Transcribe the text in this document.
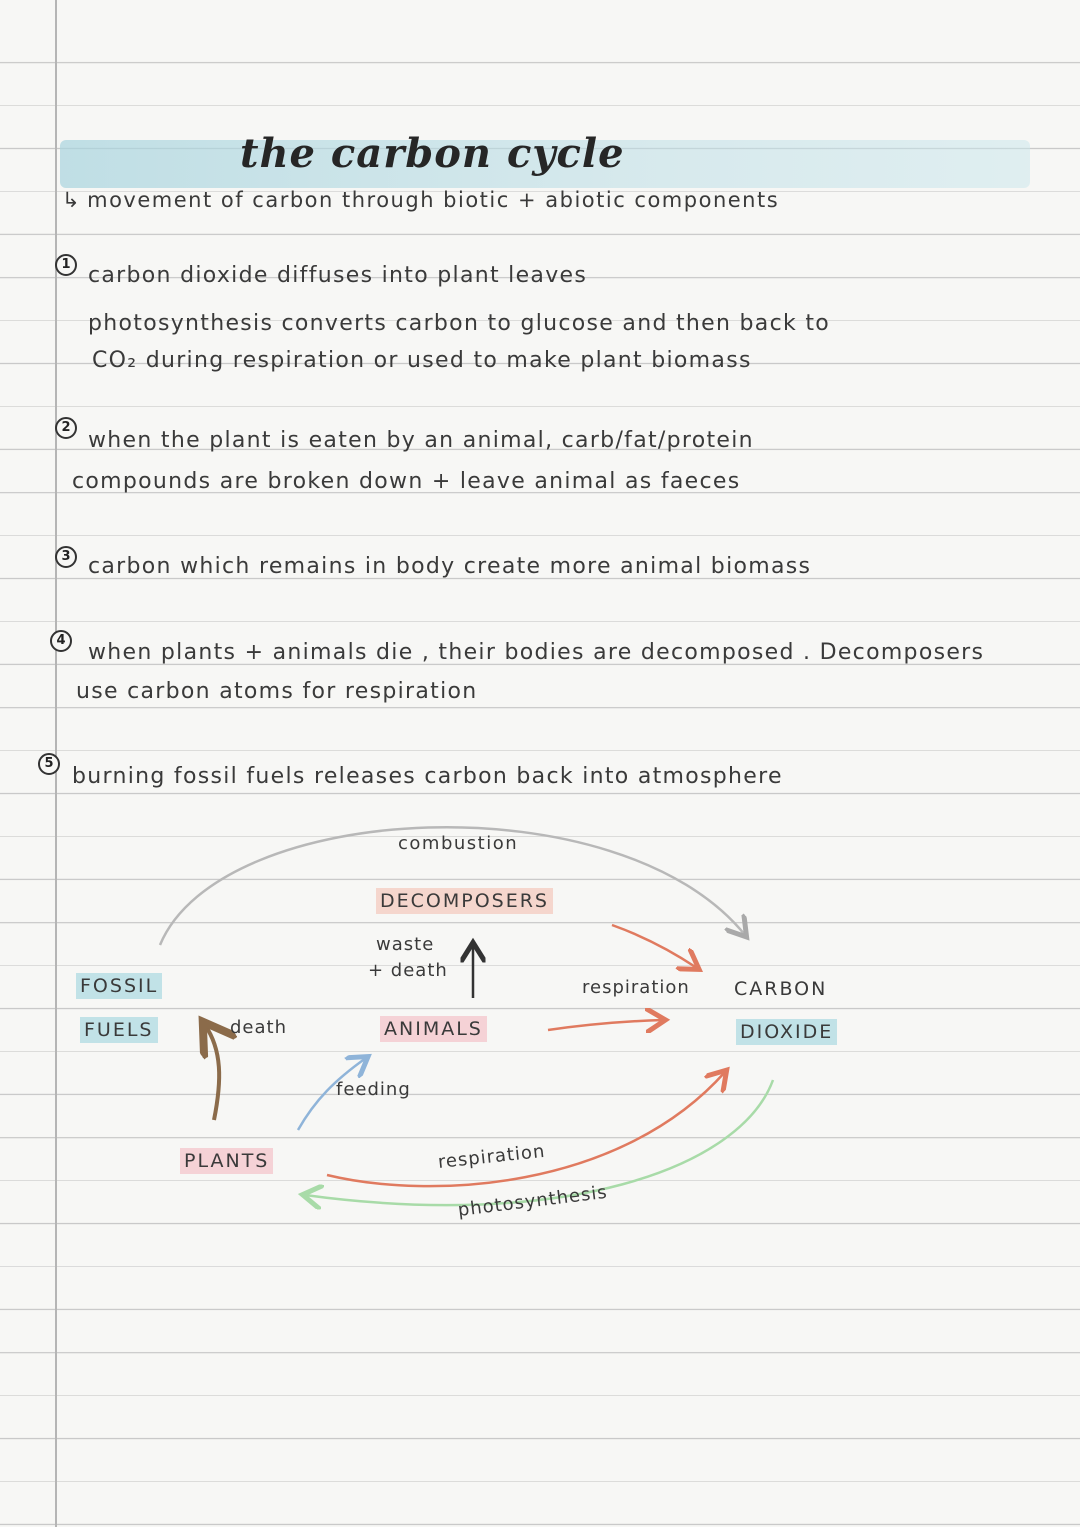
the carbon cycle
↳ movement of carbon through biotic + abiotic components
1 carbon dioxide diffuses into plant leaves
photosynthesis converts carbon to glucose and then back to
CO₂ during respiration or used to make plant biomass
2
when the plant is eaten by an animal, carb/fat/protein
compounds are broken down + leave animal as faeces
3 carbon which remains in body create more animal biomass
4 when plants + animals die , their bodies are decomposed . Decomposers
use carbon atoms for respiration
5
burning fossil fuels releases carbon back into atmosphere
combustion
DECOMPOSERS
waste
+ death
FOSSIL
FUELS	death	ANIMALS
respiration CARBON
DIOXIDE
feeding
PLANTS	respiration
photosynthesis
